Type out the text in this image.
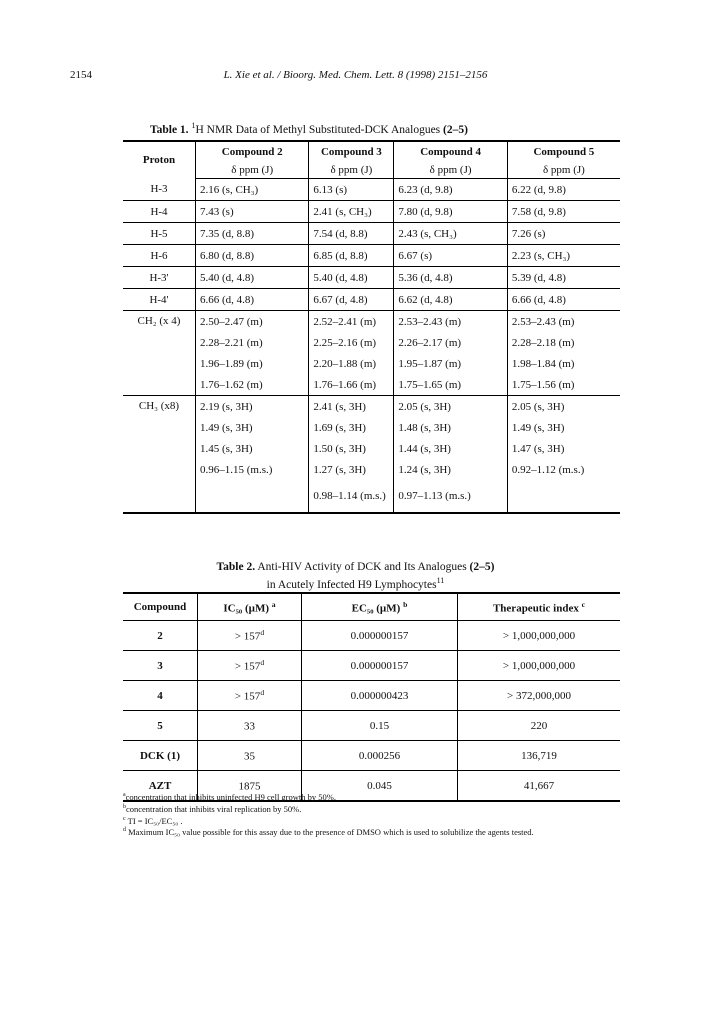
2154	L. Xie et al. / Bioorg. Med. Chem. Lett. 8 (1998) 2151–2156
Table 1. $^1$H NMR Data of Methyl Substituted-DCK Analogues (2–5)
Proton	Compound 2	Compound 3	Compound 4	Compound 5
	δ ppm (J)	δ ppm (J)	δ ppm (J)	δ ppm (J)
H-3	2.16 (s, CH₃)	6.13 (s)	6.23 (d, 9.8)	6.22 (d, 9.8)
H-4	7.43 (s)	2.41 (s, CH₃)	7.80 (d, 9.8)	7.58 (d, 9.8)
H-5	7.35 (d, 8.8)	7.54 (d, 8.8)	2.43 (s, CH₃)	7.26 (s)
H-6	6.80 (d, 8.8)	6.85 (d, 8.8)	6.67 (s)	2.23 (s, CH₃)
H-3'	5.40 (d, 4.8)	5.40 (d, 4.8)	5.36 (d, 4.8)	5.39 (d, 4.8)
H-4'	6.66 (d, 4.8)	6.67 (d, 4.8)	6.62 (d, 4.8)	6.66 (d, 4.8)
CH₂ (x 4)	2.50–2.47 (m)	2.52–2.41 (m)	2.53–2.43 (m)	2.53–2.43 (m)
	2.28–2.21 (m)	2.25–2.16 (m)	2.26–2.17 (m)	2.28–2.18 (m)
	1.96–1.89 (m)	2.20–1.88 (m)	1.95–1.87 (m)	1.98–1.84 (m)
	1.76–1.62 (m)	1.76–1.66 (m)	1.75–1.65 (m)	1.75–1.56 (m)
CH₃ (x8)	2.19 (s, 3H)	2.41 (s, 3H)	2.05 (s, 3H)	2.05 (s, 3H)
	1.49 (s, 3H)	1.69 (s, 3H)	1.48 (s, 3H)	1.49 (s, 3H)
	1.45 (s, 3H)	1.50 (s, 3H)	1.44 (s, 3H)	1.47 (s, 3H)
	0.96–1.15 (m.s.)	1.27 (s, 3H)	1.24 (s, 3H)	0.92–1.12 (m.s.)
		0.98–1.14 (m.s.)	0.97–1.13 (m.s.)	
Table 2. Anti-HIV Activity of DCK and Its Analogues (2–5)
in Acutely Infected H9 Lymphocytes$^{11}$
Compound	IC₅₀ (µM) $^a$	EC₅₀ (µM) $^b$	Therapeutic index $^c$
2	> $157^d$	0.000000157	> 1,000,000,000
3	> $157^d$	0.000000157	> 1,000,000,000
4	> $157^d$	0.000000423	> 372,000,000
5	33	0.15	220
DCK (1)	35	0.000256	136,719
AZT	1875	0.045	41,667
$^a$concentration that inhibits uninfected H9 cell growth by 50%.
$^b$concentration that inhibits viral replication by 50%.
$^c$ TI = IC₅₀/EC₅₀ .
$^d$ Maximum IC₅₀ value possible for this assay due to the presence of DMSO which is used to solubilize the agents tested.
